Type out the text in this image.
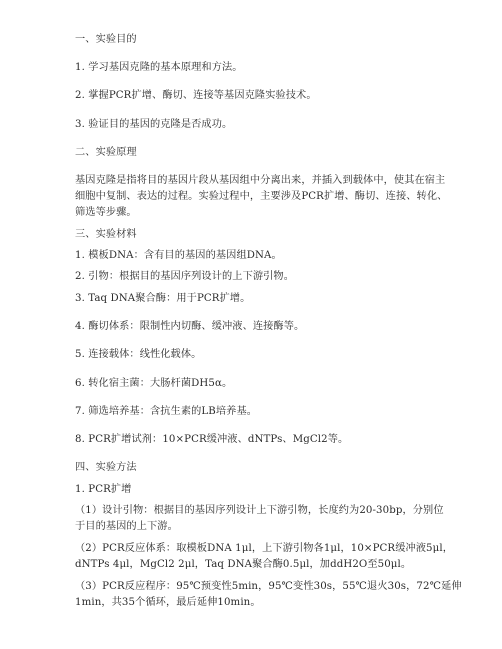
一、实验目的
1. 学习基因克隆的基本原理和方法。
2. 掌握PCR扩增、酶切、连接等基因克隆实验技术。
3. 验证目的基因的克隆是否成功。
二、实验原理
基因克隆是指将目的基因片段从基因组中分离出来，并插入到载体中，使其在宿主
细胞中复制、表达的过程。实验过程中，主要涉及PCR扩增、酶切、连接、转化、
筛选等步骤。
三、实验材料
1. 模板DNA：含有目的基因的基因组DNA。
2. 引物：根据目的基因序列设计的上下游引物。
3. Taq DNA聚合酶：用于PCR扩增。
4. 酶切体系：限制性内切酶、缓冲液、连接酶等。
5. 连接载体：线性化载体。
6. 转化宿主菌：大肠杆菌DH5α。
7. 筛选培养基：含抗生素的LB培养基。
8. PCR扩增试剂：10×PCR缓冲液、dNTPs、MgCl2等。
四、实验方法
1. PCR扩增
（1）设计引物：根据目的基因序列设计上下游引物，长度约为20-30bp，分别位
于目的基因的上下游。
（2）PCR反应体系：取模板DNA 1μl，上下游引物各1μl，10×PCR缓冲液5μl，
dNTPs 4μl，MgCl2 2μl，Taq DNA聚合酶0.5μl，加ddH2O至50μl。
（3）PCR反应程序：95℃预变性5min，95℃变性30s，55℃退火30s，72℃延伸
1min，共35个循环，最后延伸10min。
